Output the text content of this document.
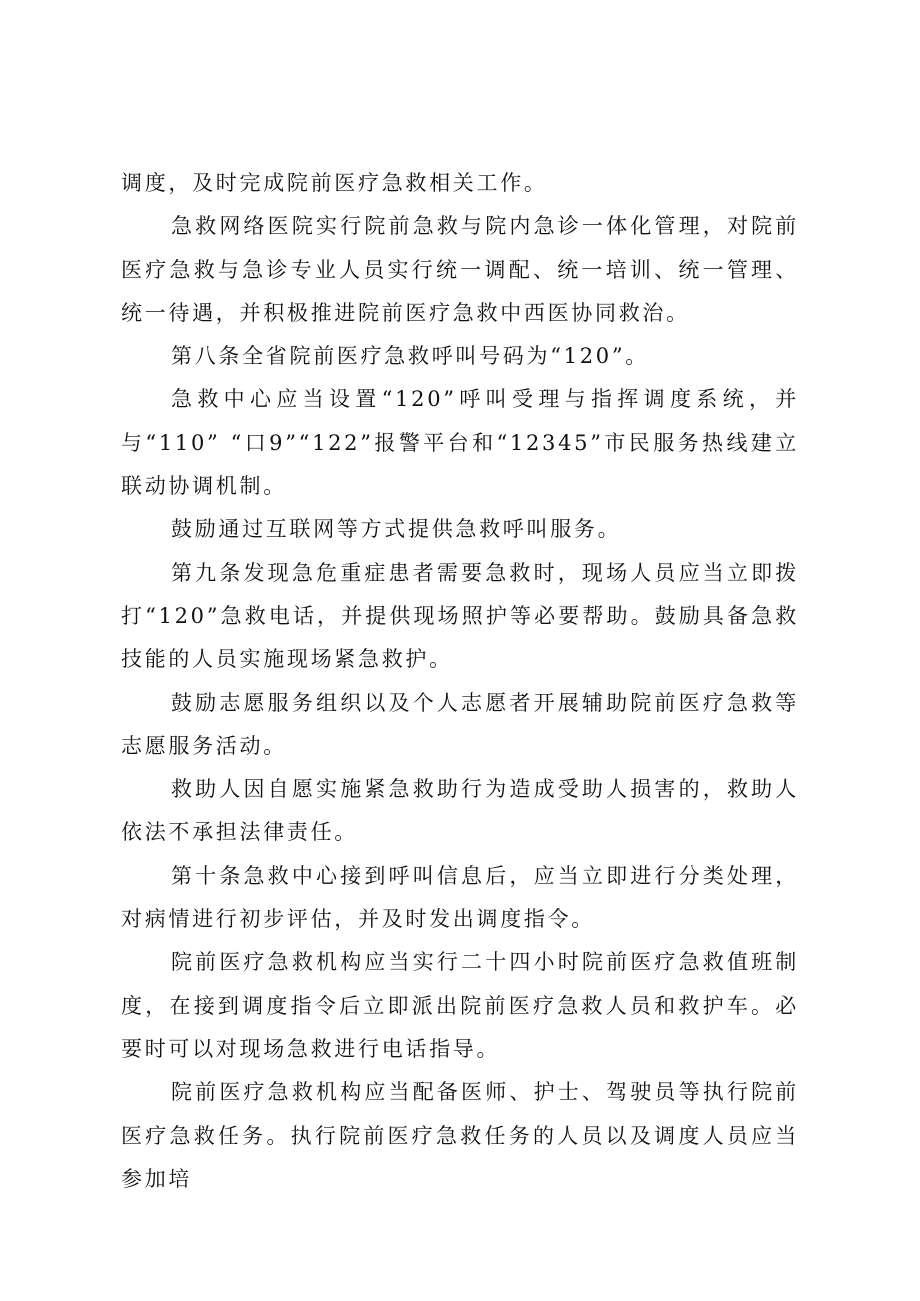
调度，及时完成院前医疗急救相关工作。

急救网络医院实行院前急救与院内急诊一体化管理，对院前医疗急救与急诊专业人员实行统一调配、统一培训、统一管理、统一待遇，并积极推进院前医疗急救中西医协同救治。

第八条全省院前医疗急救呼叫号码为“120”。

急救中心应当设置“120”呼叫受理与指挥调度系统，并与“110” “口9”“122”报警平台和“12345”市民服务热线建立联动协调机制。

鼓励通过互联网等方式提供急救呼叫服务。

第九条发现急危重症患者需要急救时，现场人员应当立即拨打“120”急救电话，并提供现场照护等必要帮助。鼓励具备急救技能的人员实施现场紧急救护。

鼓励志愿服务组织以及个人志愿者开展辅助院前医疗急救等志愿服务活动。

救助人因自愿实施紧急救助行为造成受助人损害的，救助人依法不承担法律责任。

第十条急救中心接到呼叫信息后，应当立即进行分类处理，对病情进行初步评估，并及时发出调度指令。

院前医疗急救机构应当实行二十四小时院前医疗急救值班制度，在接到调度指令后立即派出院前医疗急救人员和救护车。必要时可以对现场急救进行电话指导。

院前医疗急救机构应当配备医师、护士、驾驶员等执行院前医疗急救任务。执行院前医疗急救任务的人员以及调度人员应当参加培
